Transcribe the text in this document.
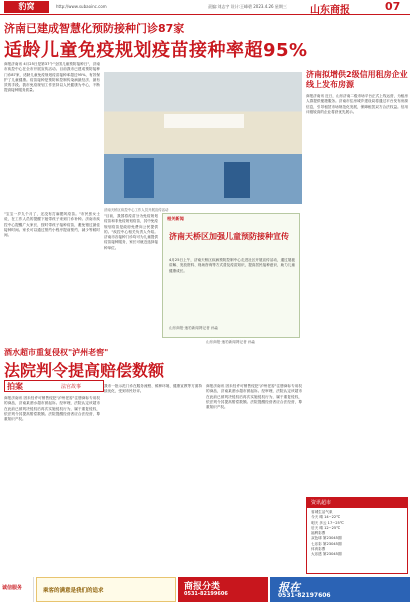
豹窝	http://www.subaoinc.com	责编:刘志宇 设计:王峰碧 2023.4.26 星期三 山东商报	07
济南已建成智慧化预防接种门诊87家
适龄儿童免疫规划疫苗接种率超95%
商报济南讯 4月25日是第37个"全国儿童预防接种日"，济南市疾控中心在全市开展宣传活动。目前我市已建成预防接种门诊87家，适龄儿童免疫规划疫苗接种率超过95%，有效保护了儿童健康。疫苗接种是预防和控制传染病最经济、最有效的手段。我市免疫规划工作坚持以人民健康为中心，不断提高接种服务质量。
济南天桥区疾控中心工作人员开展宣传活动
"宝宝一岁九个月了，还没有打麻腮风疫苗。"市民张女士说，在工作人员的提醒下她带孩子来到门诊补种。济南市疾控中心提醒广大家长，按时带孩子接种疫苗，避免错过最佳接种时间。家长可以通过预约小程序提前预约，减少等候时间。
"目前，我国将疫苗分为免疫规划疫苗和非免疫规划疫苗，其中免疫规划疫苗是政府免费向公民提供的。"疾控中心相关负责人介绍。济南市各接种门诊均可为儿童提供疫苗接种服务，家长可就近选择接种单位。
相关新闻
济南天桥区加强儿童预防接种宣传
4月25日上午，济南天桥区疾病预防控制中心走进社区开展宣传活动，通过展板讲解、发放资料、现场咨询等方式普及疫苗知识，提高居民接种意识，助力儿童健康成长。
山东商报·速豹新闻网记者 孙淼
济南拟增供2级信用租房企业线上发布房源
商报济南讯 近日，山东济南二级市场平台正式上线运营，为租房人群提供便捷服务。济南市住房城乡建设局将通过平台发布房源信息，引导租赁市场规范化发展，保障租赁双方合法权益。信用评级较高的企业将获优先展示。
酒水超市重复侵权"泸州老窖"
法院判令提高赔偿数额
拍案	法官故事
商报济南讯 因未经许可销售侵犯"泸州老窖"注册商标专用权的商品，济南某酒水超市被起诉。经审理，法院认定该超市在此前已被判决侵权后再次实施侵权行为，属于重复侵权，依法判令其提高赔偿数额。法院提醒经营者应合法经营，尊重知识产权。
我市一批示范门诊在服务流程、候种环境、健康宣教等方面持续优化，受到市民好评。
商报济南讯 因未经许可销售侵犯"泸州老窖"注册商标专用权的商品，济南某酒水超市被起诉。经审理，法院认定该超市在此前已被判决侵权后再次实施侵权行为，属于重复侵权，依法判令其提高赔偿数额。法院提醒经营者应合法经营，尊重知识产权。
山东商报·速豹新闻网记者 孙淼
资讯超市
省城生活气象
今天 晴 14~22℃
明天 多云 17~25℃
后天 晴 12~25℃
福利彩票
双色球 第23045期
七乐彩 第23045期
体育彩票
大乐透 第23045期
诚信服务	乘客的满意是我们的追求	商报分类
0531-82199606	报在
0531-82197606
